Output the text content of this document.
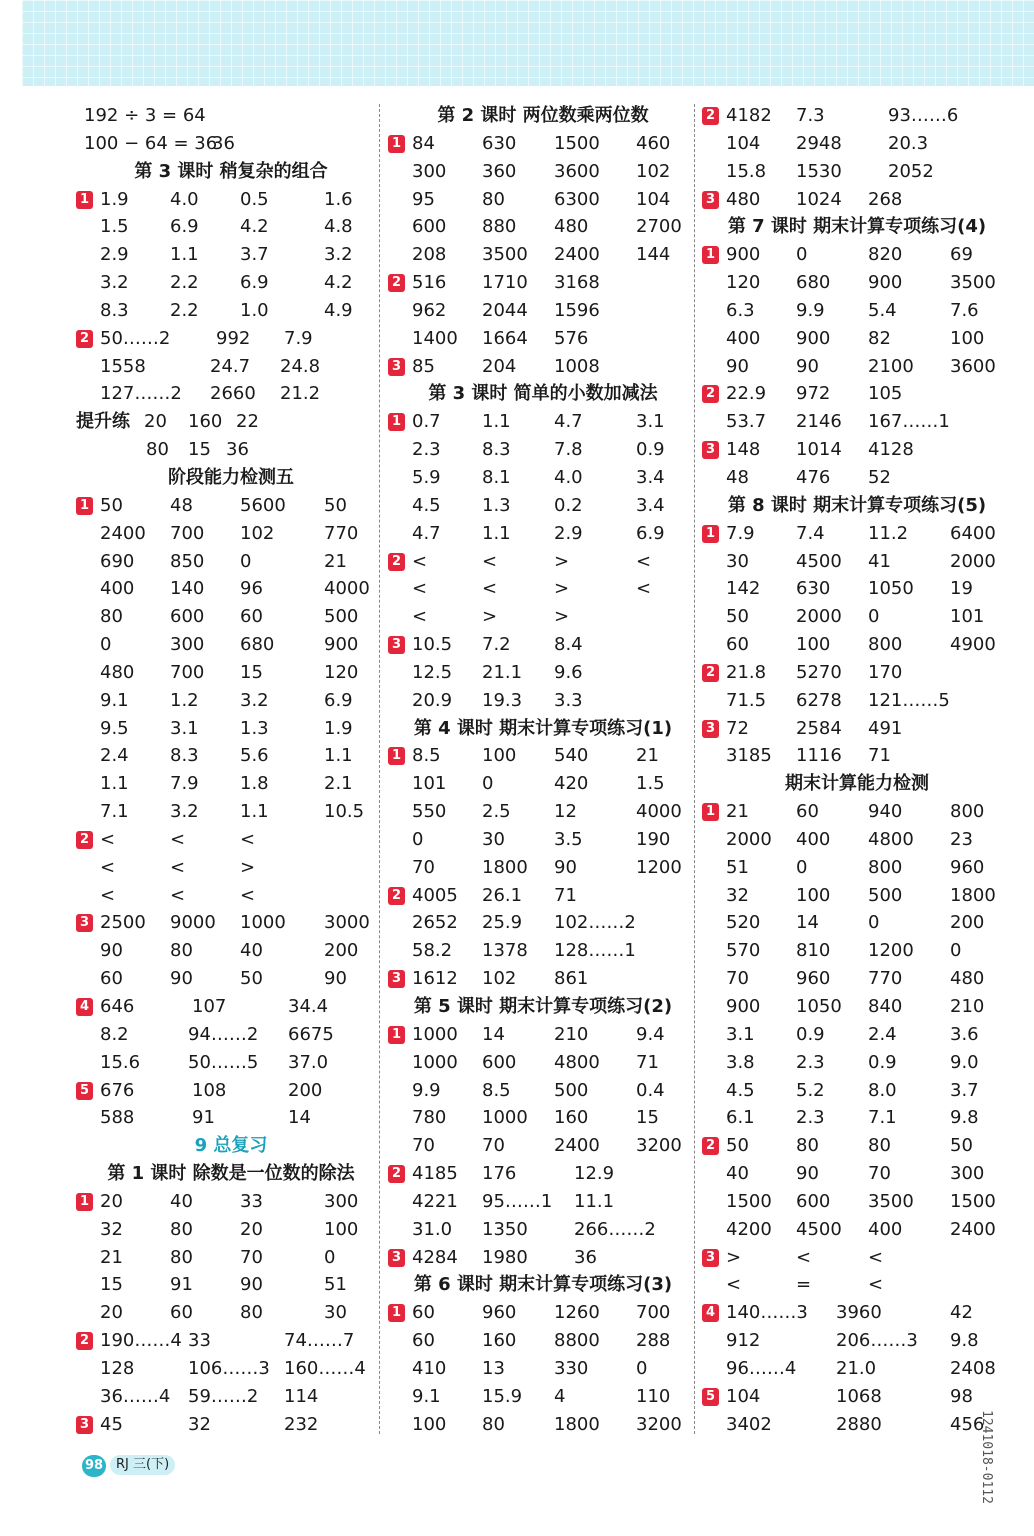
192 ÷ 3 = 64
100 − 64 = 36
36
第 3 课时 稍复杂的组合
1 1.9 4.0 0.5	1.6
1.5 6.9 4.2	4.8
2.9 1.1 3.7	3.2
3.2 2.2 6.9	4.2
8.3 2.2 1.0	4.9
2 50……2	992 7.9
1558	24.7 24.8
127……2 2660 21.2
提升练 20 160 22
80 15 36
阶段能力检测五
1 50	48	5600 50
2400 700 102	770
690 850 0	21
400 140 96	4000
80	600 60	500
0	300 680	900
480 700 15	120
9.1 1.2 3.2	6.9
9.5 3.1 1.3	1.9
2.4 8.3 5.6	1.1
1.1 7.9 1.8	2.1
7.1 3.2 1.1	10.5
2 <	<	<
<	<	>
<	<	<
3 2500 9000 1000 3000
90	80	40	200
60	90	50	90
4 646	107	34.4
8.2	94……2 6675
15.6	50……5 37.0
5 676	108	200
588	91	14
9 总复习
第 1 课时 除数是一位数的除法
1 20	40	33	300
32	80	20	100
21	80	70	0
15	91	90	51
20	60	80	30
2 190……4 33	74……7
128	106……3 160……4
36……4 59……2 114
3 45	32	232
第 2 课时 两位数乘两位数
1 84	630 1500 460
300 360 3600 102
95	80	6300 104
600 880 480	2700
208 3500 2400 144
2 516 1710 3168
962 2044 1596
1400 1664 576
3 85	204 1008
第 3 课时 简单的小数加减法
1 0.7 1.1 4.7	3.1
2.3 8.3 7.8	0.9
5.9 8.1 4.0	3.4
4.5 1.3 0.2	3.4
4.7 1.1 2.9	6.9
2 <	<	>	<
<	<	>	<
<	>	>
3 10.5 7.2 8.4
12.5 21.1 9.6
20.9 19.3 3.3
第 4 课时 期末计算专项练习(1)
1 8.5 100 540	21
101 0	420	1.5
550 2.5 12	4000
0	30	3.5	190
70	1800 90	1200
2 4005 26.1 71
2652 25.9 102……2
58.2 1378 128……1
3 1612 102 861
第 5 课时 期末计算专项练习(2)
1 1000 14	210	9.4
1000 600 4800 71
9.9 8.5 500	0.4
780 1000 160	15
70	70	2400 3200
2 4185 176	12.9
4221 95……1 11.1
31.0 1350	266……2
3 4284 1980	36
第 6 课时 期末计算专项练习(3)
1 60	960 1260 700
60	160 8800 288
410 13	330	0
9.1 15.9 4	110
100 80	1800 3200
2 4182 7.3	93……6
104 2948	20.3
15.8 1530	2052
3 480 1024 268
第 7 课时 期末计算专项练习(4)
1 900 0	820	69
120 680 900	3500
6.3 9.9 5.4	7.6
400 900 82	100
90	90	2100 3600
2 22.9 972 105
53.7 2146 167……1
3 148 1014 4128
48	476 52
第 8 课时 期末计算专项练习(5)
1 7.9 7.4 11.2 6400
30	4500 41	2000
142 630 1050 19
50	2000 0	101
60	100 800	4900
2 21.8 5270 170
71.5 6278 121……5
3 72	2584 491
3185 1116 71
期末计算能力检测
1 21	60	940	800
2000 400 4800 23
51	0	800	960
32	100 500	1800
520 14	0	200
570 810 1200 0
70	960 770	480
900 1050 840	210
3.1 0.9 2.4	3.6
3.8 2.3 0.9	9.0
4.5 5.2 8.0	3.7
6.1 2.3 7.1	9.8
2 50	80	80	50
40	90	70	300
1500 600 3500 1500
4200 4500 400	2400
3 >	<	<
<	=	<
4 140……3 3960	42
912	206……3 9.8
96……4 21.0	2408
5 104	1068	98
3402	2880	456
98 RJ 三(下)	1241018-0112
